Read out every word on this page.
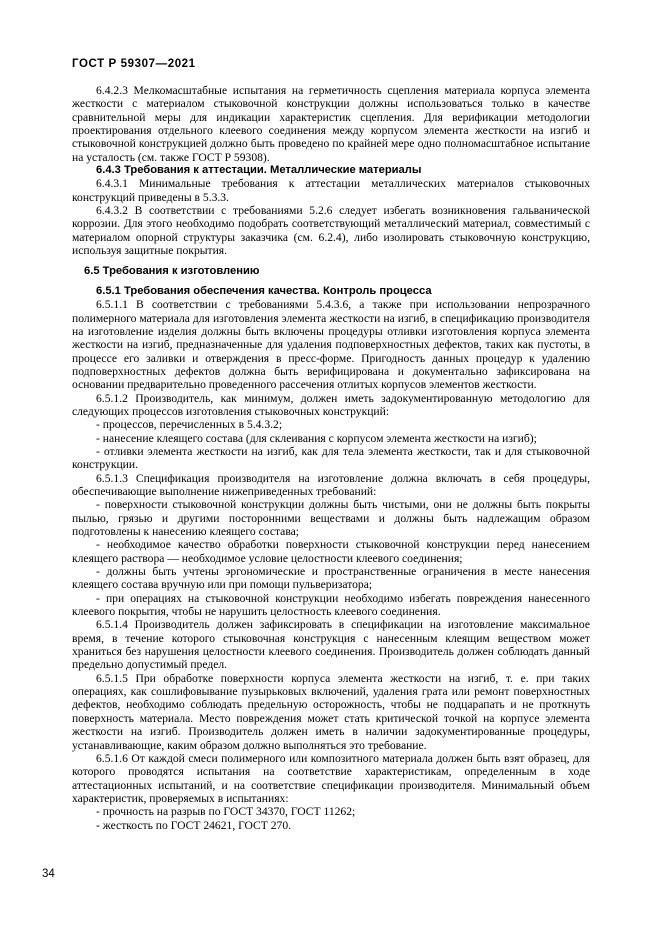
ГОСТ Р 59307—2021

6.4.2.3 Мелкомасштабные испытания на герметичность сцепления материала корпуса элемента жесткости с материалом стыковочной конструкции должны использоваться только в качестве сравнительной меры для индикации характеристик сцепления. Для верификации методологии проектирования отдельного клеевого соединения между корпусом элемента жесткости на изгиб и стыковочной конструкцией должно быть проведено по крайней мере одно полномасштабное испытание на усталость (см. также ГОСТ Р 59308).

6.4.3 Требования к аттестации. Металлические материалы

6.4.3.1 Минимальные требования к аттестации металлических материалов стыковочных конструкций приведены в 5.3.3.

6.4.3.2 В соответствии с требованиями 5.2.6 следует избегать возникновения гальванической коррозии. Для этого необходимо подобрать соответствующий металлический материал, совместимый с материалом опорной структуры заказчика (см. 6.2.4), либо изолировать стыковочную конструкцию, используя защитные покрытия.

6.5 Требования к изготовлению

6.5.1 Требования обеспечения качества. Контроль процесса

6.5.1.1 В соответствии с требованиями 5.4.3.6, а также при использовании непрозрачного полимерного материала для изготовления элемента жесткости на изгиб, в спецификацию производителя на изготовление изделия должны быть включены процедуры отливки изготовления корпуса элемента жесткости на изгиб, предназначенные для удаления подповерхностных дефектов, таких как пустоты, в процессе его заливки и отверждения в пресс-форме. Пригодность данных процедур к удалению подповерхностных дефектов должна быть верифицирована и документально зафиксирована на основании предварительно проведенного рассечения отлитых корпусов элементов жесткости.

6.5.1.2 Производитель, как минимум, должен иметь задокументированную методологию для следующих процессов изготовления стыковочных конструкций:

- процессов, перечисленных в 5.4.3.2;

- нанесение клеящего состава (для склеивания с корпусом элемента жесткости на изгиб);

- отливки элемента жесткости на изгиб, как для тела элемента жесткости, так и для стыковочной конструкции.

6.5.1.3 Спецификация производителя на изготовление должна включать в себя процедуры, обеспечивающие выполнение нижеприведенных требований:

- поверхности стыковочной конструкции должны быть чистыми, они не должны быть покрыты пылью, грязью и другими посторонними веществами и должны быть надлежащим образом подготовлены к нанесению клеящего состава;

- необходимое качество обработки поверхности стыковочной конструкции перед нанесением клеящего раствора — необходимое условие целостности клеевого соединения;

- должны быть учтены эргономические и пространственные ограничения в месте нанесения клеящего состава вручную или при помощи пульверизатора;

- при операциях на стыковочной конструкции необходимо избегать повреждения нанесенного клеевого покрытия, чтобы не нарушить целостность клеевого соединения.

6.5.1.4 Производитель должен зафиксировать в спецификации на изготовление максимальное время, в течение которого стыковочная конструкция с нанесенным клеящим веществом может храниться без нарушения целостности клеевого соединения. Производитель должен соблюдать данный предельно допустимый предел.

6.5.1.5 При обработке поверхности корпуса элемента жесткости на изгиб, т. е. при таких операциях, как сошлифовывание пузырьковых включений, удаления грата или ремонт поверхностных дефектов, необходимо соблюдать предельную осторожность, чтобы не подцарапать и не проткнуть поверхность материала. Место повреждения может стать критической точкой на корпусе элемента жесткости на изгиб. Производитель должен иметь в наличии задокументированные процедуры, устанавливающие, каким образом должно выполняться это требование.

6.5.1.6 От каждой смеси полимерного или композитного материала должен быть взят образец, для которого проводятся испытания на соответствие характеристикам, определенным в ходе аттестационных испытаний, и на соответствие спецификации производителя. Минимальный объем характеристик, проверяемых в испытаниях:

- прочность на разрыв по ГОСТ 34370, ГОСТ 11262;

- жесткость по ГОСТ 24621, ГОСТ 270.

34
